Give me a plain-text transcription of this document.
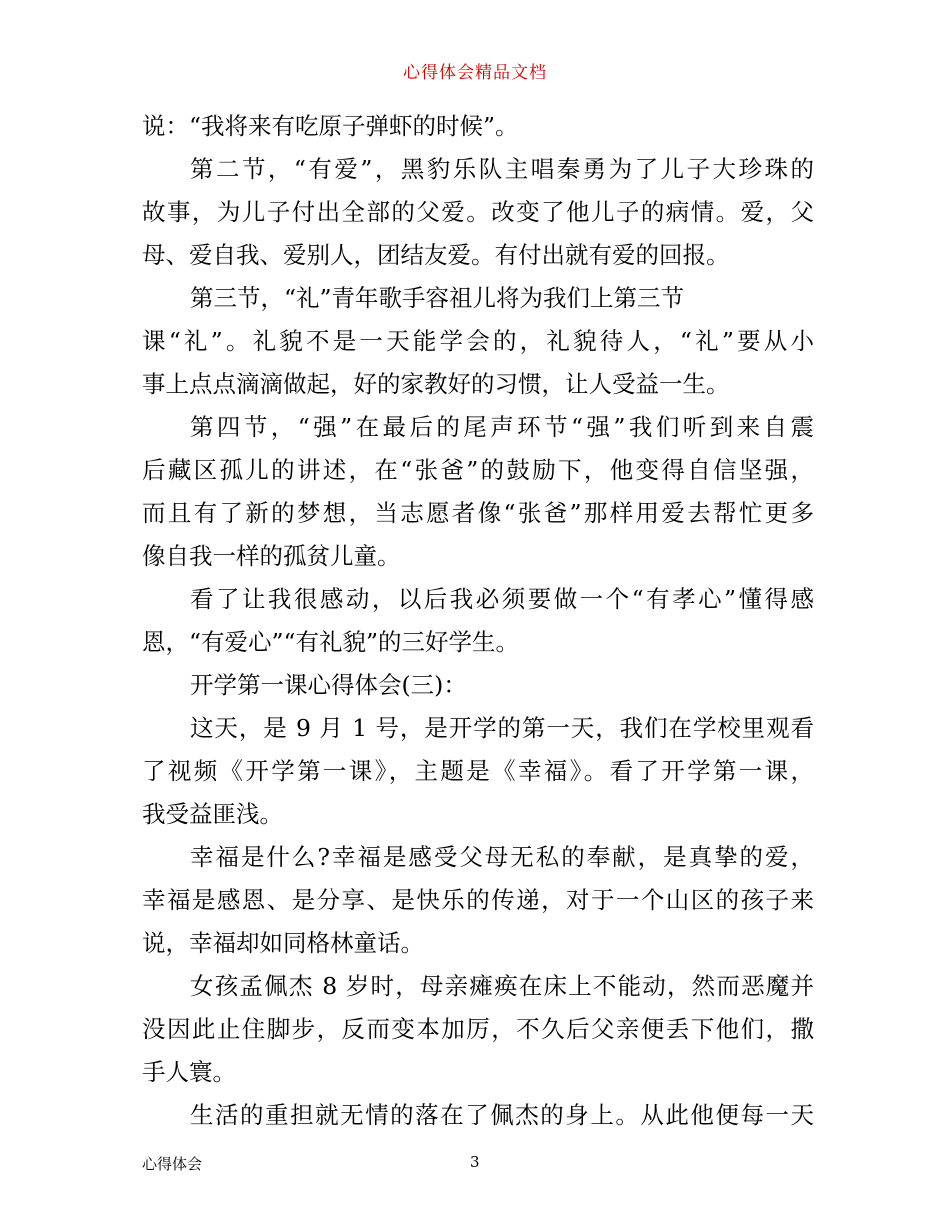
心得体会精品文档
说：“我将来有吃原子弹虾的时候”。
第二节，“有爱”，黑豹乐队主唱秦勇为了儿子大珍珠的
故事，为儿子付出全部的父爱。改变了他儿子的病情。爱，父
母、爱自我、爱别人，团结友爱。有付出就有爱的回报。
第三节，“礼”青年歌手容祖儿将为我们上第三节
课“礼”。礼貌不是一天能学会的，礼貌待人，“礼”要从小
事上点点滴滴做起，好的家教好的习惯，让人受益一生。
第四节，“强”在最后的尾声环节“强”我们听到来自震
后藏区孤儿的讲述，在“张爸”的鼓励下，他变得自信坚强，
而且有了新的梦想，当志愿者像“张爸”那样用爱去帮忙更多
像自我一样的孤贫儿童。
看了让我很感动，以后我必须要做一个“有孝心”懂得感
恩，“有爱心”“有礼貌”的三好学生。
开学第一课心得体会(三)：
这天，是 9 月 1 号，是开学的第一天，我们在学校里观看
了视频《开学第一课》，主题是《幸福》。看了开学第一课，
我受益匪浅。
幸福是什么?幸福是感受父母无私的奉献，是真挚的爱，
幸福是感恩、是分享、是快乐的传递，对于一个山区的孩子来
说，幸福却如同格林童话。
女孩孟佩杰 8 岁时，母亲瘫痪在床上不能动，然而恶魔并
没因此止住脚步，反而变本加厉，不久后父亲便丢下他们，撒
手人寰。
生活的重担就无情的落在了佩杰的身上。从此他便每一天
心得体会	3
